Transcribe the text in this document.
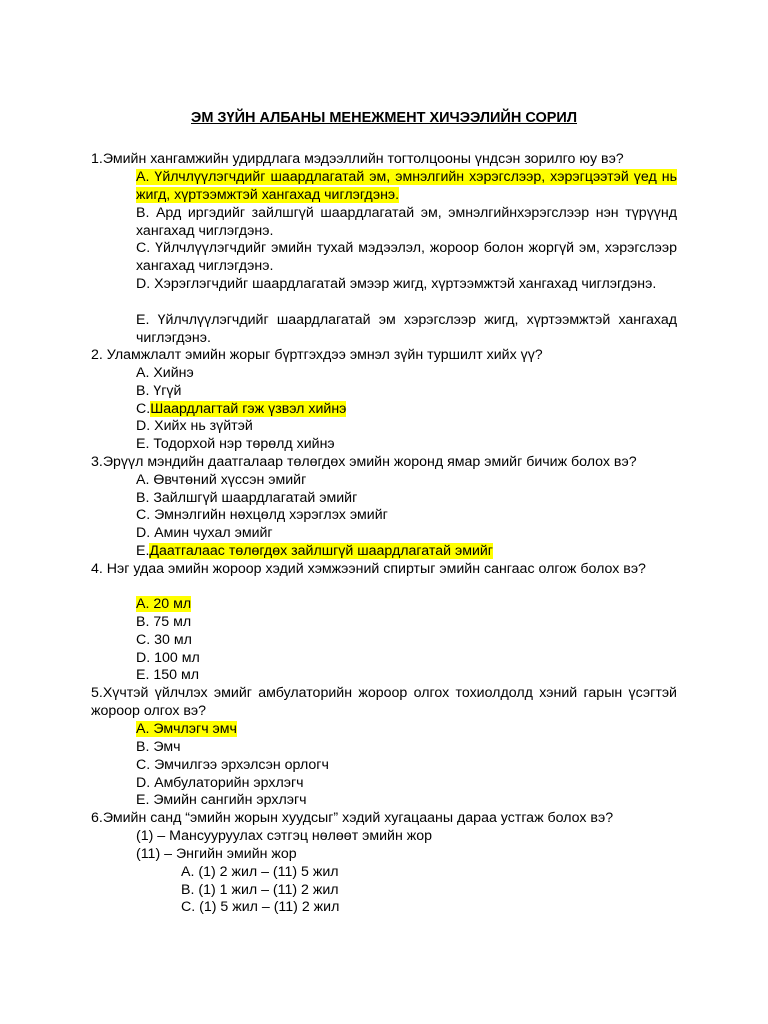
ЭМ ЗҮЙН АЛБАНЫ МЕНЕЖМЕНТ ХИЧЭЭЛИЙН СОРИЛ
1.Эмийн хангамжийн удирдлага мэдээллийн тогтолцооны үндсэн зорилго юу вэ?
А. Үйлчлүүлэгчдийг шаардлагатай эм, эмнэлгийн хэрэгслээр, хэрэгцээтэй үед нь жигд, хүртээмжтэй хангахад чиглэгдэнэ.
В. Ард иргэдийг зайлшгүй шаардлагатай эм, эмнэлгийнхэрэгслээр нэн түрүүнд хангахад чиглэгдэнэ.
С. Үйлчлүүлэгчдийг эмийн тухай мэдээлэл, жороор болон жоргүй эм, хэрэгслээр хангахад чиглэгдэнэ.
D. Хэрэглэгчдийг шаардлагатай эмээр жигд, хүртээмжтэй хангахад чиглэгдэнэ.
Е. Үйлчлүүлэгчдийг шаардлагатай эм хэрэгслээр жигд, хүртээмжтэй хангахад чиглэгдэнэ.
2. Уламжлалт эмийн жорыг бүртгэхдээ эмнэл зүйн туршилт хийх үү?
А. Хийнэ
В. Үгүй
С.Шаардлагтай гэж үзвэл хийнэ
D. Хийх нь зүйтэй
Е. Тодорхой нэр төрөлд хийнэ
3.Эрүүл мэндийн даатгалаар төлөгдөх эмийн жоронд ямар эмийг бичиж болох вэ?
А. Өвчтөний хүссэн эмийг
В. Зайлшгүй шаардлагатай эмийг
С. Эмнэлгийн нөхцөлд хэрэглэх эмийг
D. Амин чухал эмийг
Е.Даатгалаас төлөгдөх зайлшгүй шаардлагатай эмийг
4. Нэг удаа эмийн жороор хэдий хэмжээний спиртыг эмийн сангаас олгож болох вэ?
А. 20 мл
В. 75 мл
С. 30 мл
D. 100 мл
Е. 150 мл
5.Хүчтэй үйлчлэх эмийг амбулаторийн жороор олгох тохиолдолд хэний гарын үсэгтэй жороор олгох вэ?
А. Эмчлэгч эмч
В. Эмч
С. Эмчилгээ эрхэлсэн орлогч
D. Амбулаторийн эрхлэгч
Е. Эмийн сангийн эрхлэгч
6.Эмийн санд “эмийн жорын хуудсыг” хэдий хугацааны дараа устгаж болох вэ?
(1) – Мансууруулах сэтгэц нөлөөт эмийн жор
(11) – Энгийн эмийн жор
А. (1) 2 жил – (11) 5 жил
В. (1) 1 жил – (11) 2 жил
С. (1) 5 жил – (11) 2 жил
